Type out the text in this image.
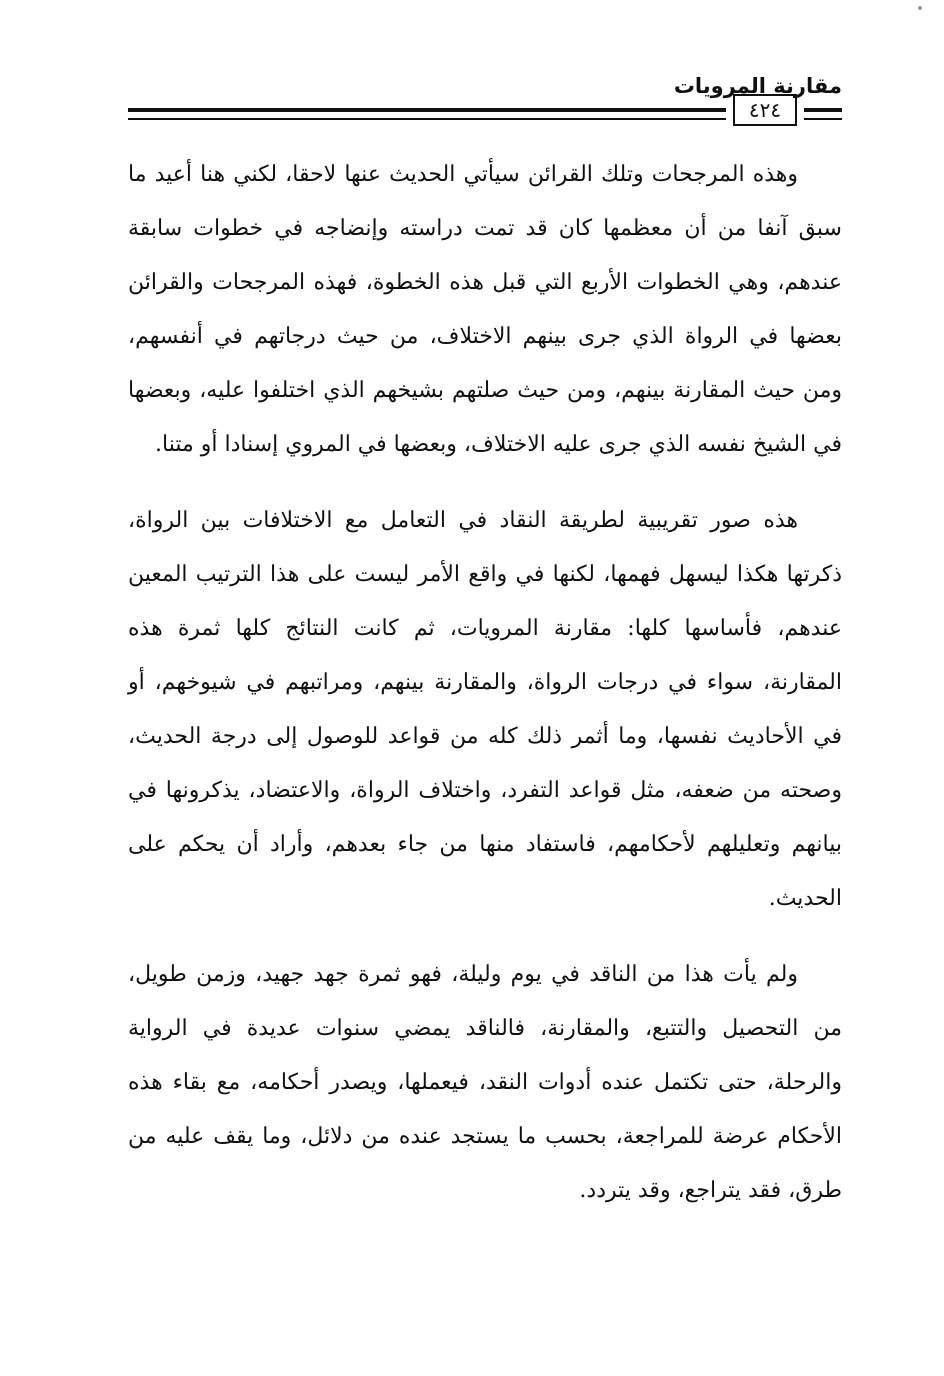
مقارنة المرويات
٤٢٤

وهذه المرجحات وتلك القرائن سيأتي الحديث عنها لاحقا، لكني هنا أعيد ما سبق آنفا من أن معظمها كان قد تمت دراسته وإنضاجه في خطوات سابقة عندهم، وهي الخطوات الأربع التي قبل هذه الخطوة، فهذه المرجحات والقرائن بعضها في الرواة الذي جرى بينهم الاختلاف، من حيث درجاتهم في أنفسهم، ومن حيث المقارنة بينهم، ومن حيث صلتهم بشيخهم الذي اختلفوا عليه، وبعضها في الشيخ نفسه الذي جرى عليه الاختلاف، وبعضها في المروي إسنادا أو متنا.

هذه صور تقريبية لطريقة النقاد في التعامل مع الاختلافات بين الرواة، ذكرتها هكذا ليسهل فهمها، لكنها في واقع الأمر ليست على هذا الترتيب المعين عندهم، فأساسها كلها: مقارنة المرويات، ثم كانت النتائج كلها ثمرة هذه المقارنة، سواء في درجات الرواة، والمقارنة بينهم، ومراتبهم في شيوخهم، أو في الأحاديث نفسها، وما أثمر ذلك كله من قواعد للوصول إلى درجة الحديث، وصحته من ضعفه، مثل قواعد التفرد، واختلاف الرواة، والاعتضاد، يذكرونها في بيانهم وتعليلهم لأحكامهم، فاستفاد منها من جاء بعدهم، وأراد أن يحكم على الحديث.

ولم يأت هذا من الناقد في يوم وليلة، فهو ثمرة جهد جهيد، وزمن طويل، من التحصيل والتتبع، والمقارنة، فالناقد يمضي سنوات عديدة في الرواية والرحلة، حتى تكتمل عنده أدوات النقد، فيعملها، ويصدر أحكامه، مع بقاء هذه الأحكام عرضة للمراجعة، بحسب ما يستجد عنده من دلائل، وما يقف عليه من طرق، فقد يتراجع، وقد يتردد.
